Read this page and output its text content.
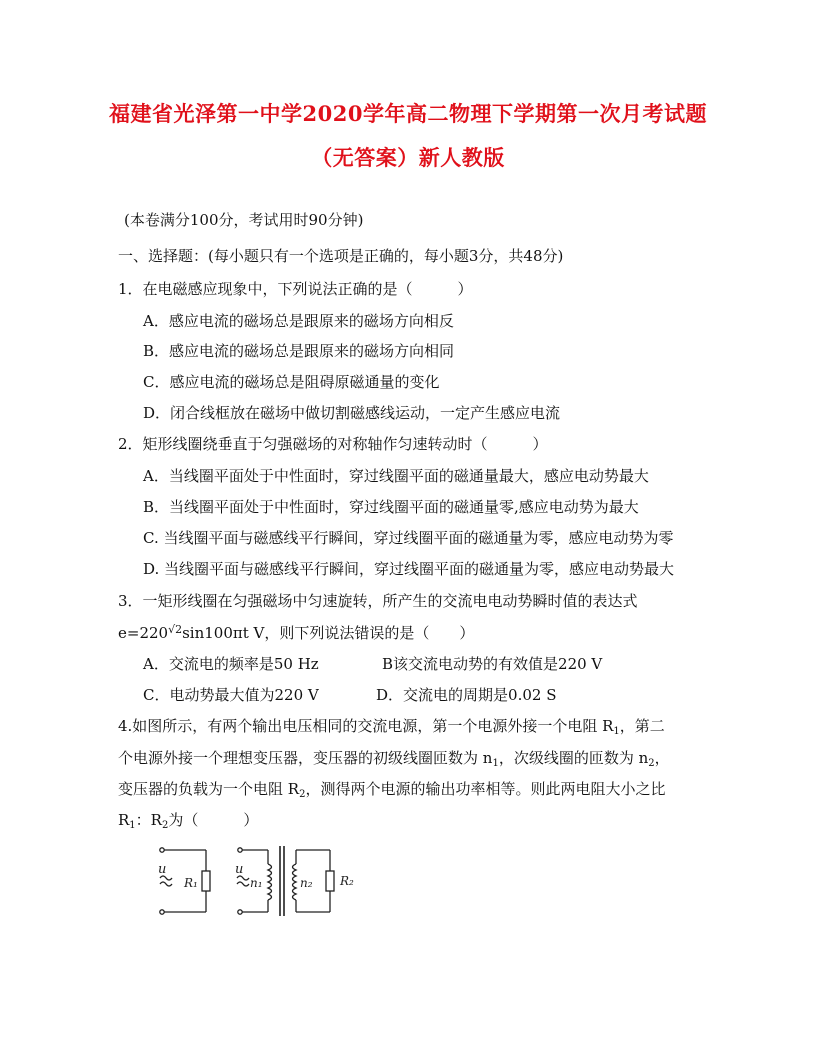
福建省光泽第一中学2020学年高二物理下学期第一次月考试题
（无答案）新人教版
(本卷满分100分，考试用时90分钟)
一、选择题：(每小题只有一个选项是正确的，每小题3分，共48分)
1．在电磁感应现象中，下列说法正确的是（　　　）
A．感应电流的磁场总是跟原来的磁场方向相反
B．感应电流的磁场总是跟原来的磁场方向相同
C．感应电流的磁场总是阻碍原磁通量的变化
D．闭合线框放在磁场中做切割磁感线运动，一定产生感应电流
2．矩形线圈绕垂直于匀强磁场的对称轴作匀速转动时（　　　）
A．当线圈平面处于中性面时，穿过线圈平面的磁通量最大，感应电动势最大
B．当线圈平面处于中性面时，穿过线圈平面的磁通量零,感应电动势为最大
C. 当线圈平面与磁感线平行瞬间，穿过线圈平面的磁通量为零，感应电动势为零
D. 当线圈平面与磁感线平行瞬间，穿过线圈平面的磁通量为零，感应电动势最大
3．一矩形线圈在匀强磁场中匀速旋转，所产生的交流电电动势瞬时值的表达式
$e=220^{√2}\sin 100\pi t$ V，则下列说法错误的是（　　）
A．交流电的频率是50 Hz	B该交流电动势的有效值是220 V
C．电动势最大值为220 V	D．交流电的周期是0.02 S
4.如图所示，有两个输出电压相同的交流电源，第一个电源外接一个电阻 $R_1$，第二
个电源外接一个理想变压器，变压器的初级线圈匝数为 $n_1$，次级线圈的匝数为 $n_2$，
变压器的负载为一个电阻 $R_2$，测得两个电源的输出功率相等。则此两电阻大小之比
$R_1$：$R_2$为（　　　）
u
R₁
u
n₁	n₂ R₂
